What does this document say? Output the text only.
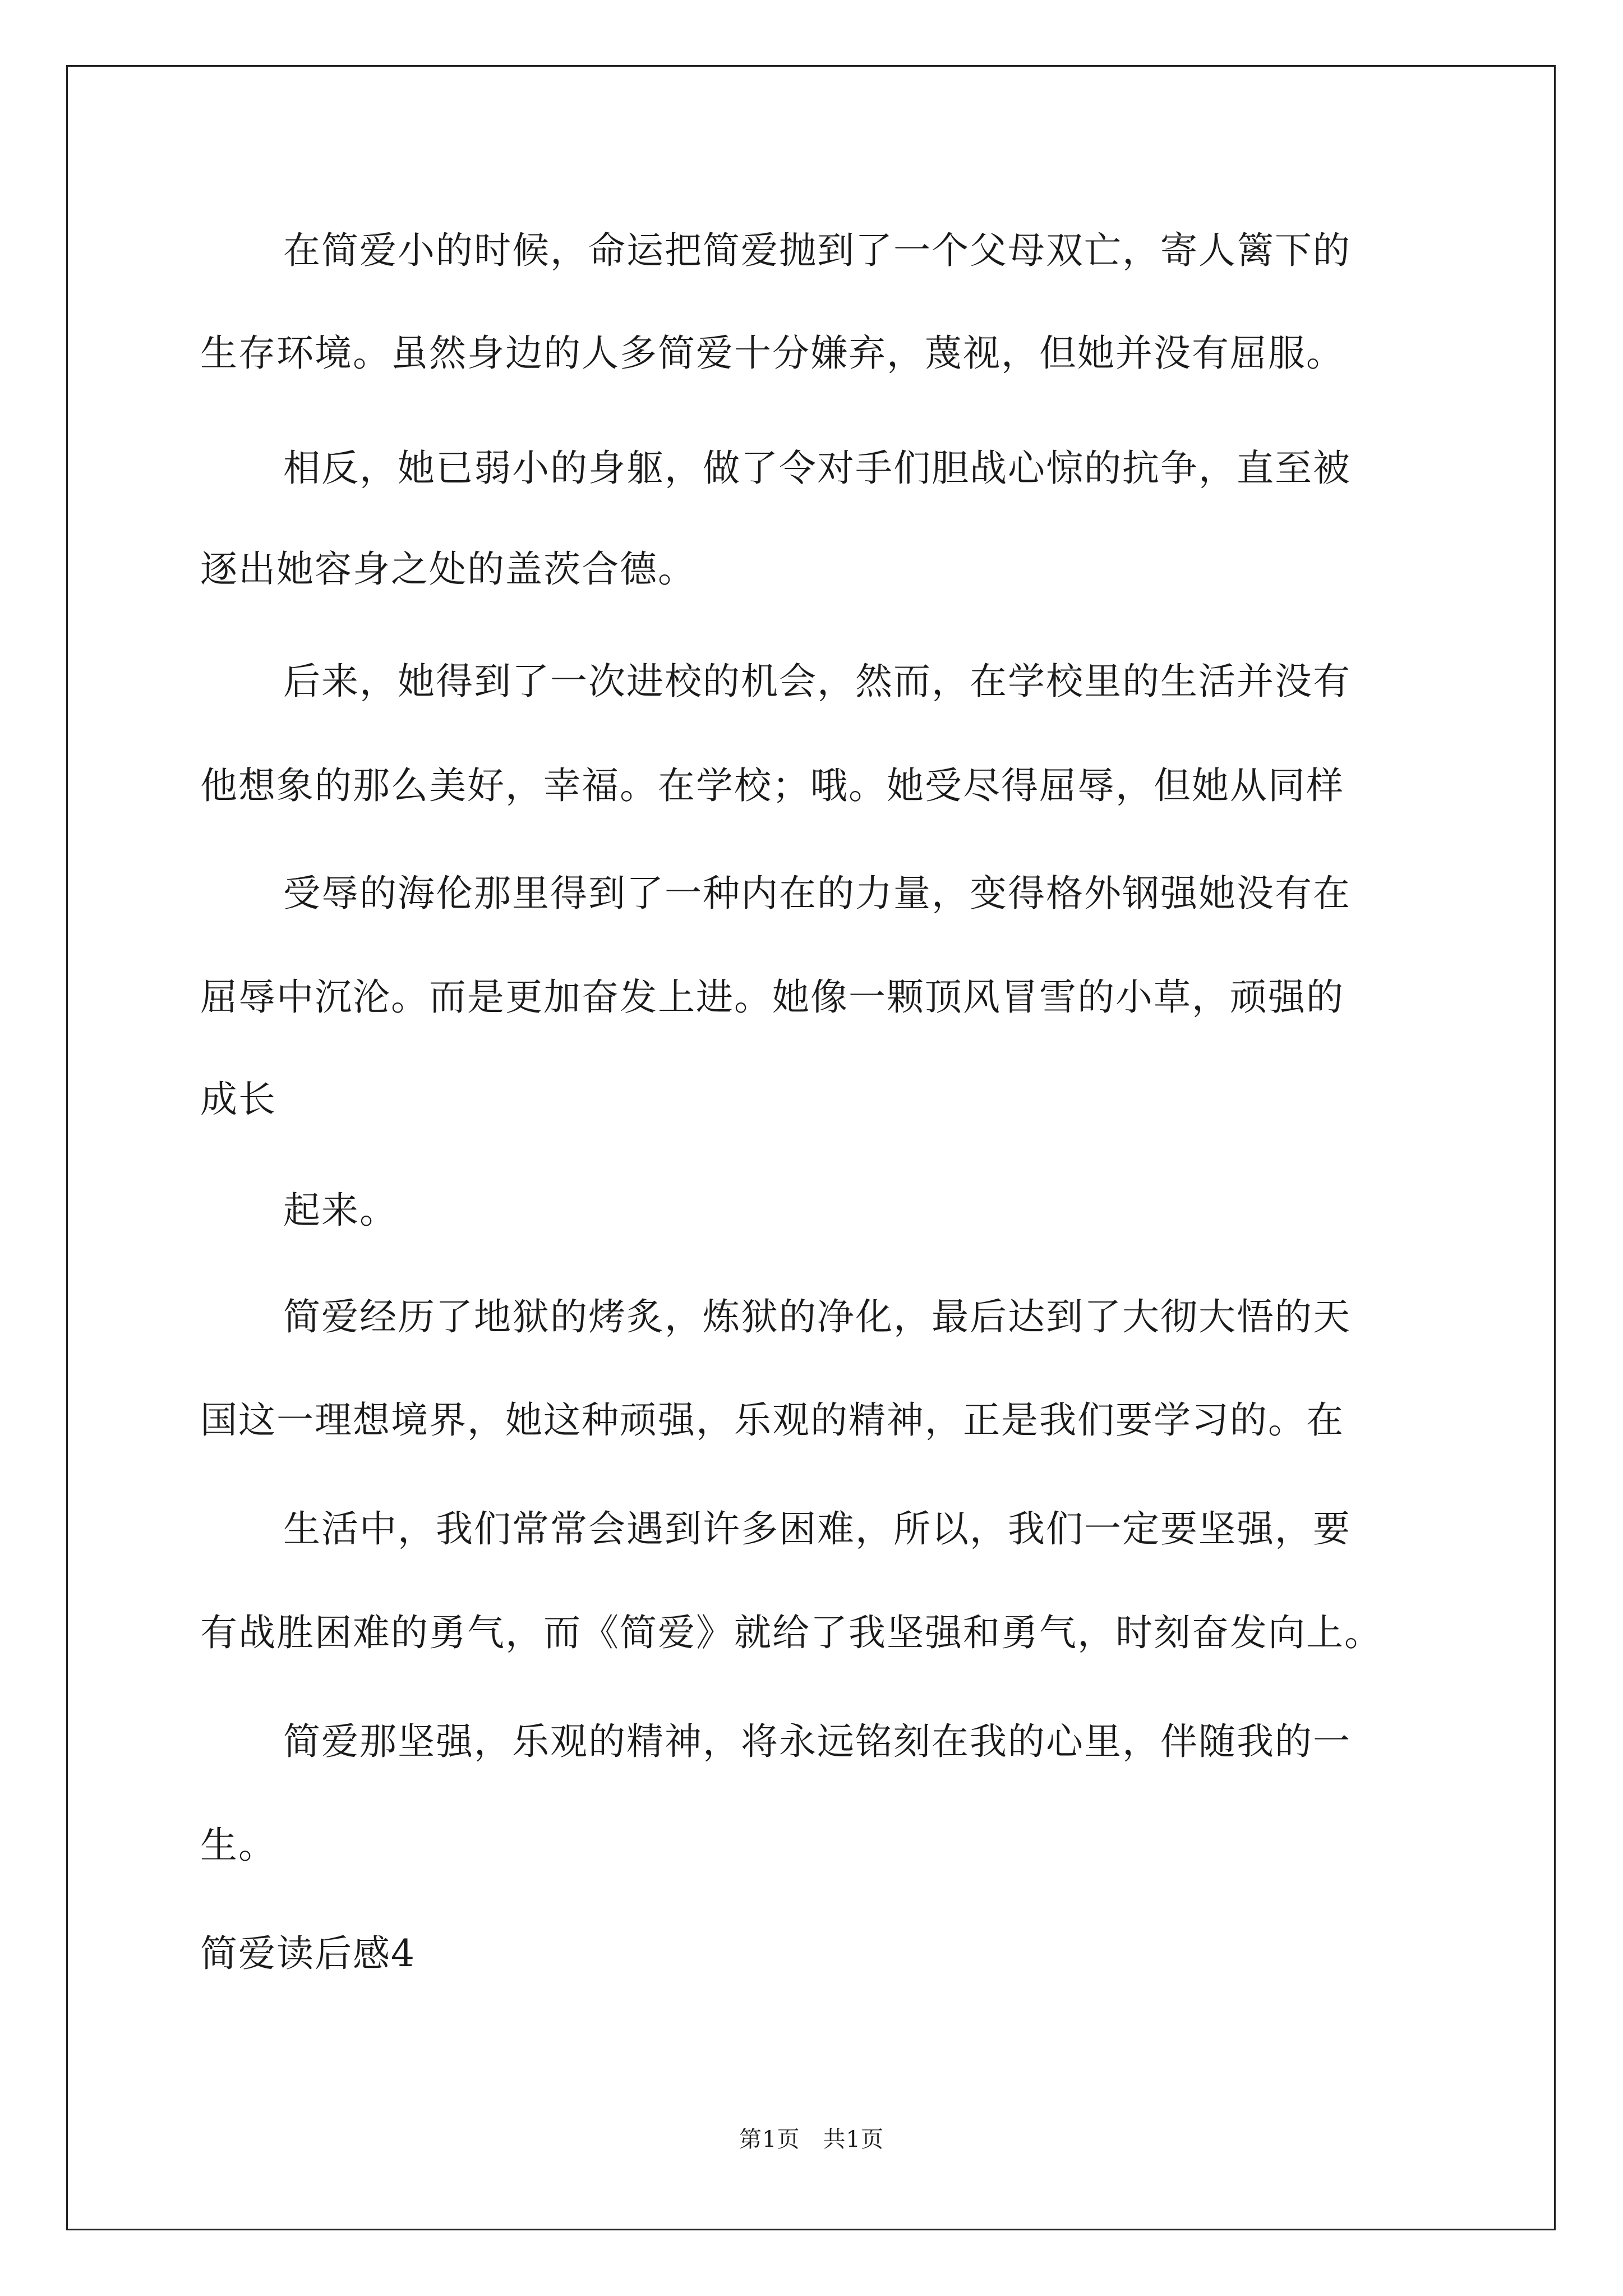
在简爱小的时候，命运把简爱抛到了一个父母双亡，寄人篱下的
生存环境。虽然身边的人多简爱十分嫌弃，蔑视，但她并没有屈服。
相反，她已弱小的身躯，做了令对手们胆战心惊的抗争，直至被
逐出她容身之处的盖茨合德。
后来，她得到了一次进校的机会，然而，在学校里的生活并没有
他想象的那么美好，幸福。在学校；哦。她受尽得屈辱，但她从同样
受辱的海伦那里得到了一种内在的力量，变得格外钢强她没有在
屈辱中沉沦。而是更加奋发上进。她像一颗顶风冒雪的小草，顽强的
成长
起来。
简爱经历了地狱的烤炙，炼狱的净化，最后达到了大彻大悟的天
国这一理想境界，她这种顽强，乐观的精神，正是我们要学习的。在
生活中，我们常常会遇到许多困难，所以，我们一定要坚强，要
有战胜困难的勇气，而《简爱》就给了我坚强和勇气，时刻奋发向上。
简爱那坚强，乐观的精神，将永远铭刻在我的心里，伴随我的一
生。
简爱读后感4
第1页　共1页
